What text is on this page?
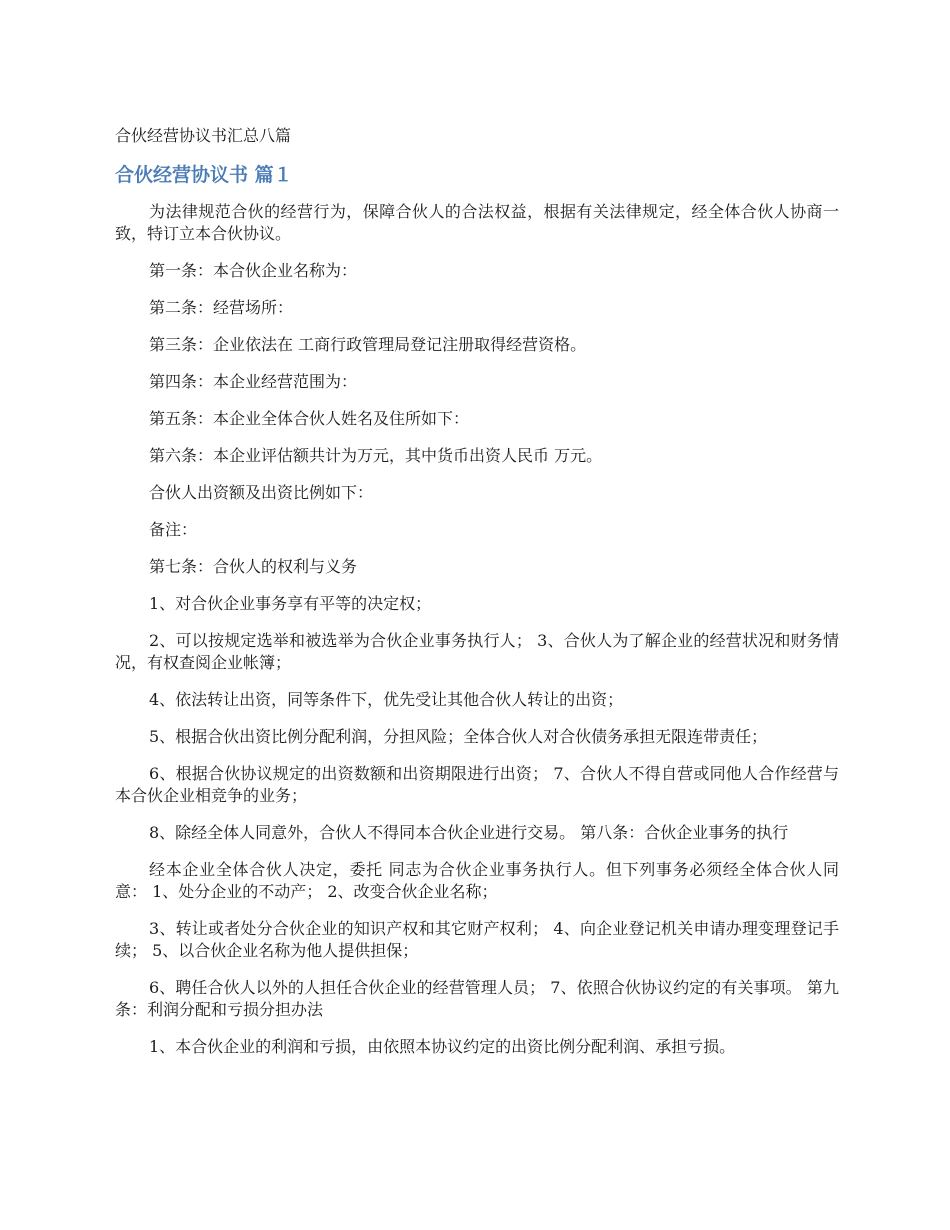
合伙经营协议书汇总八篇
合伙经营协议书 篇１

为法律规范合伙的经营行为，保障合伙人的合法权益，根据有关法律规定，经全体合伙人协商一致，特订立本合伙协议。

第一条：本合伙企业名称为：

第二条：经营场所：

第三条：企业依法在 工商行政管理局登记注册取得经营资格。

第四条：本企业经营范围为：

第五条：本企业全体合伙人姓名及住所如下：

第六条：本企业评估额共计为万元，其中货币出资人民币 万元。

合伙人出资额及出资比例如下：

备注：

第七条：合伙人的权利与义务

1、对合伙企业事务享有平等的决定权；

2、可以按规定选举和被选举为合伙企业事务执行人； 3、合伙人为了解企业的经营状况和财务情况，有权查阅企业帐簿；

4、依法转让出资，同等条件下，优先受让其他合伙人转让的出资；

5、根据合伙出资比例分配利润，分担风险；全体合伙人对合伙债务承担无限连带责任；

6、根据合伙协议规定的出资数额和出资期限进行出资； 7、合伙人不得自营或同他人合作经营与本合伙企业相竞争的业务；

8、除经全体人同意外，合伙人不得同本合伙企业进行交易。 第八条：合伙企业事务的执行

经本企业全体合伙人决定，委托 同志为合伙企业事务执行人。但下列事务必须经全体合伙人同意： 1、处分企业的不动产； 2、改变合伙企业名称；

3、转让或者处分合伙企业的知识产权和其它财产权利； 4、向企业登记机关申请办理变理登记手续； 5、以合伙企业名称为他人提供担保；

6、聘任合伙人以外的人担任合伙企业的经营管理人员； 7、依照合伙协议约定的有关事项。 第九条：利润分配和亏损分担办法

1、本合伙企业的利润和亏损，由依照本协议约定的出资比例分配利润、承担亏损。
